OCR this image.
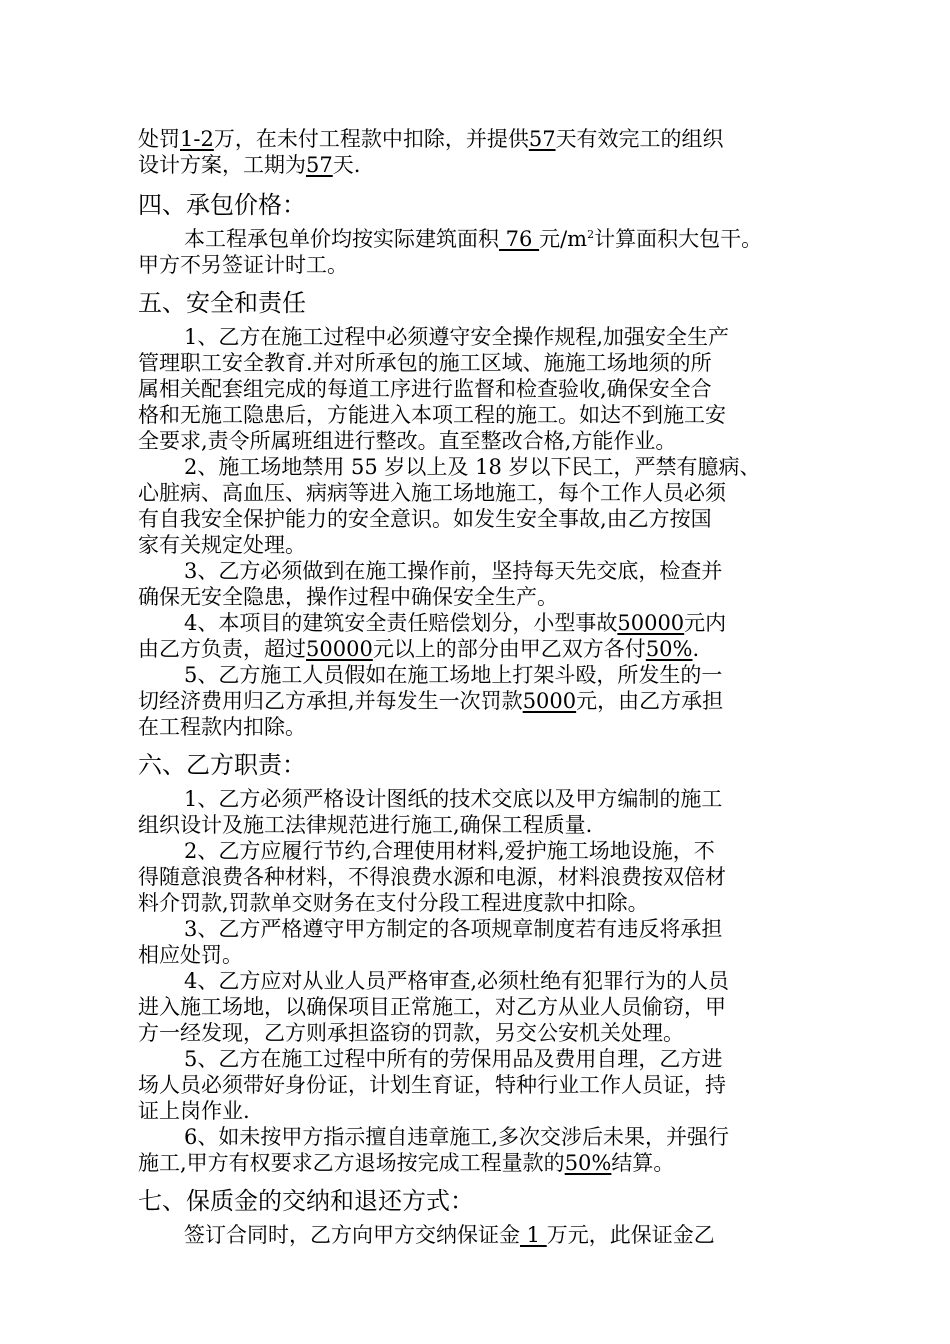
处罚1-2万，在未付工程款中扣除，并提供57天有效完工的组织

设计方案，工期为57天.

四、承包价格：

本工程承包单价均按实际建筑面积 76 元$/m^2$计算面积大包干。

甲方不另签证计时工。

五、安全和责任

1、乙方在施工过程中必须遵守安全操作规程,加强安全生产

管理职工安全教育.并对所承包的施工区域、施施工场地须的所

属相关配套组完成的每道工序进行监督和检查验收,确保安全合

格和无施工隐患后，方能进入本项工程的施工。如达不到施工安

全要求,责令所属班组进行整改。直至整改合格,方能作业。

2、施工场地禁用 55 岁以上及 18 岁以下民工，严禁有臆病、

心脏病、高血压、病病等进入施工场地施工，每个工作人员必须

有自我安全保护能力的安全意识。如发生安全事故,由乙方按国

家有关规定处理。

3、乙方必须做到在施工操作前，坚持每天先交底，检查并

确保无安全隐患，操作过程中确保安全生产。

4、本项目的建筑安全责任赔偿划分，小型事故50000元内

由乙方负责，超过50000元以上的部分由甲乙双方各付50%.

5、乙方施工人员假如在施工场地上打架斗殴，所发生的一

切经济费用归乙方承担,并每发生一次罚款5000元，由乙方承担

在工程款内扣除。

六、乙方职责：

1、乙方必须严格设计图纸的技术交底以及甲方编制的施工

组织设计及施工法律规范进行施工,确保工程质量.

2、乙方应履行节约,合理使用材料,爱护施工场地设施，不

得随意浪费各种材料，不得浪费水源和电源，材料浪费按双倍材

料介罚款,罚款单交财务在支付分段工程进度款中扣除。

3、乙方严格遵守甲方制定的各项规章制度若有违反将承担

相应处罚。

4、乙方应对从业人员严格审查,必须杜绝有犯罪行为的人员

进入施工场地，以确保项目正常施工，对乙方从业人员偷窃，甲

方一经发现，乙方则承担盗窃的罚款，另交公安机关处理。

5、乙方在施工过程中所有的劳保用品及费用自理，乙方进

场人员必须带好身份证，计划生育证，特种行业工作人员证，持

证上岗作业.

6、如未按甲方指示擅自违章施工,多次交涉后未果，并强行

施工,甲方有权要求乙方退场按完成工程量款的50%结算。

七、保质金的交纳和退还方式：

签订合同时，乙方向甲方交纳保证金 1 万元，此保证金乙
